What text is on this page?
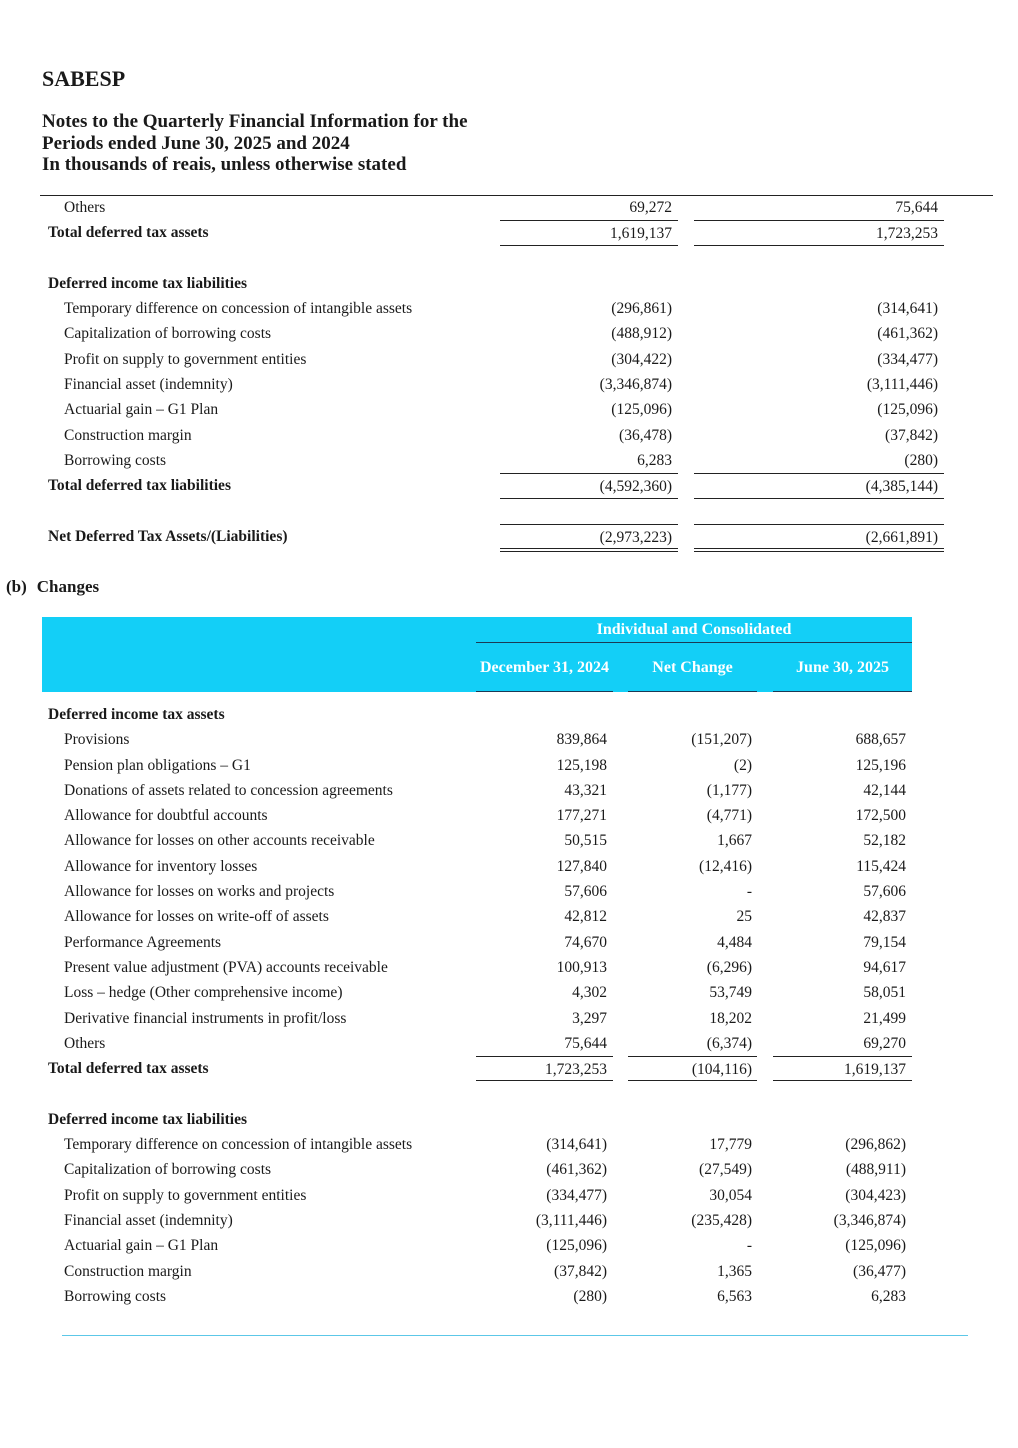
SABESP
Notes to the Quarterly Financial Information for the
Periods ended June 30, 2025 and 2024
In thousands of reais, unless otherwise stated
Others	69,272	75,644
Total deferred tax assets	1,619,137	1,723,253
Deferred income tax liabilities
Temporary difference on concession of intangible assets	(296,861)	(314,641)
Capitalization of borrowing costs	(488,912)	(461,362)
Profit on supply to government entities	(304,422)	(334,477)
Financial asset (indemnity)	(3,346,874)	(3,111,446)
Actuarial gain – G1 Plan	(125,096)	(125,096)
Construction margin	(36,478)	(37,842)
Borrowing costs	6,283	(280)
Total deferred tax liabilities	(4,592,360)	(4,385,144)
Net Deferred Tax Assets/(Liabilities)	(2,973,223)	(2,661,891)
(b) Changes
Individual and Consolidated
December 31, 2024	Net Change	June 30, 2025
Deferred income tax assets
Provisions	839,864	(151,207)	688,657
Pension plan obligations – G1	125,198	(2)	125,196
Donations of assets related to concession agreements	43,321	(1,177)	42,144
Allowance for doubtful accounts	177,271	(4,771)	172,500
Allowance for losses on other accounts receivable	50,515	1,667	52,182
Allowance for inventory losses	127,840	(12,416)	115,424
Allowance for losses on works and projects	57,606	-	57,606
Allowance for losses on write-off of assets	42,812	25	42,837
Performance Agreements	74,670	4,484	79,154
Present value adjustment (PVA) accounts receivable	100,913	(6,296)	94,617
Loss – hedge (Other comprehensive income)	4,302	53,749	58,051
Derivative financial instruments in profit/loss	3,297	18,202	21,499
Others	75,644	(6,374)	69,270
Total deferred tax assets	1,723,253	(104,116)	1,619,137
Deferred income tax liabilities
Temporary difference on concession of intangible assets	(314,641)	17,779	(296,862)
Capitalization of borrowing costs	(461,362)	(27,549)	(488,911)
Profit on supply to government entities	(334,477)	30,054	(304,423)
Financial asset (indemnity)	(3,111,446)	(235,428)	(3,346,874)
Actuarial gain – G1 Plan	(125,096)	-	(125,096)
Construction margin	(37,842)	1,365	(36,477)
Borrowing costs	(280)	6,563	6,283
